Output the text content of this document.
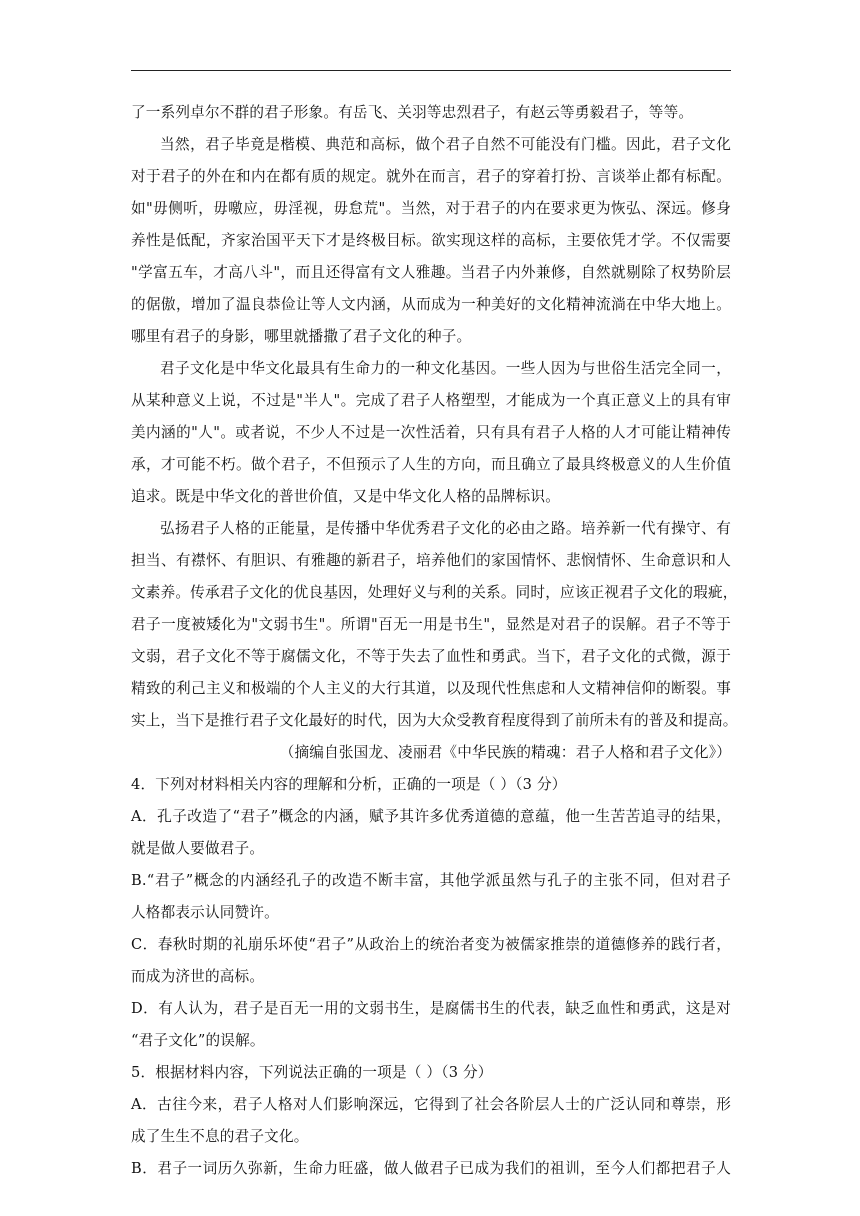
了一系列卓尔不群的君子形象。有岳飞、关羽等忠烈君子，有赵云等勇毅君子，等等。
当然，君子毕竟是楷模、典范和高标，做个君子自然不可能没有门槛。因此，君子文化
对于君子的外在和内在都有质的规定。就外在而言，君子的穿着打扮、言谈举止都有标配。
如"毋侧听，毋噭应，毋淫视，毋怠荒"。当然，对于君子的内在要求更为恢弘、深远。修身
养性是低配，齐家治国平天下才是终极目标。欲实现这样的高标，主要依凭才学。不仅需要
"学富五车，才高八斗"，而且还得富有文人雅趣。当君子内外兼修，自然就剔除了权势阶层
的倨傲，增加了温良恭俭让等人文内涵，从而成为一种美好的文化精神流淌在中华大地上。
哪里有君子的身影，哪里就播撒了君子文化的种子。
君子文化是中华文化最具有生命力的一种文化基因。一些人因为与世俗生活完全同一，
从某种意义上说，不过是"半人"。完成了君子人格塑型，才能成为一个真正意义上的具有审
美内涵的"人"。或者说，不少人不过是一次性活着，只有具有君子人格的人才可能让精神传
承，才可能不朽。做个君子，不但预示了人生的方向，而且确立了最具终极意义的人生价值
追求。既是中华文化的普世价值，又是中华文化人格的品牌标识。
弘扬君子人格的正能量，是传播中华优秀君子文化的必由之路。培养新一代有操守、有
担当、有襟怀、有胆识、有雅趣的新君子，培养他们的家国情怀、悲悯情怀、生命意识和人
文素养。传承君子文化的优良基因，处理好义与利的关系。同时，应该正视君子文化的瑕疵，
君子一度被矮化为"文弱书生"。所谓"百无一用是书生"，显然是对君子的误解。君子不等于
文弱，君子文化不等于腐儒文化，不等于失去了血性和勇武。当下，君子文化的式微，源于
精致的利己主义和极端的个人主义的大行其道，以及现代性焦虑和人文精神信仰的断裂。事
实上，当下是推行君子文化最好的时代，因为大众受教育程度得到了前所未有的普及和提高。
（摘编自张国龙、凌丽君《中华民族的精魂：君子人格和君子文化》）
4．下列对材料相关内容的理解和分析，正确的一项是（ ）（3 分）
A．孔子改造了“君子”概念的内涵，赋予其许多优秀道德的意蕴，他一生苦苦追寻的结果，
就是做人要做君子。
B.“君子”概念的内涵经孔子的改造不断丰富，其他学派虽然与孔子的主张不同，但对君子
人格都表示认同赞许。
C．春秋时期的礼崩乐坏使“君子”从政治上的统治者变为被儒家推崇的道德修养的践行者，
而成为济世的高标。
D．有人认为，君子是百无一用的文弱书生，是腐儒书生的代表，缺乏血性和勇武，这是对
“君子文化”的误解。
5．根据材料内容，下列说法正确的一项是（ ）（3 分）
A．古往今来，君子人格对人们影响深远，它得到了社会各阶层人士的广泛认同和尊崇，形
成了生生不息的君子文化。
B．君子一词历久弥新，生命力旺盛，做人做君子已成为我们的祖训，至今人们都把君子人
